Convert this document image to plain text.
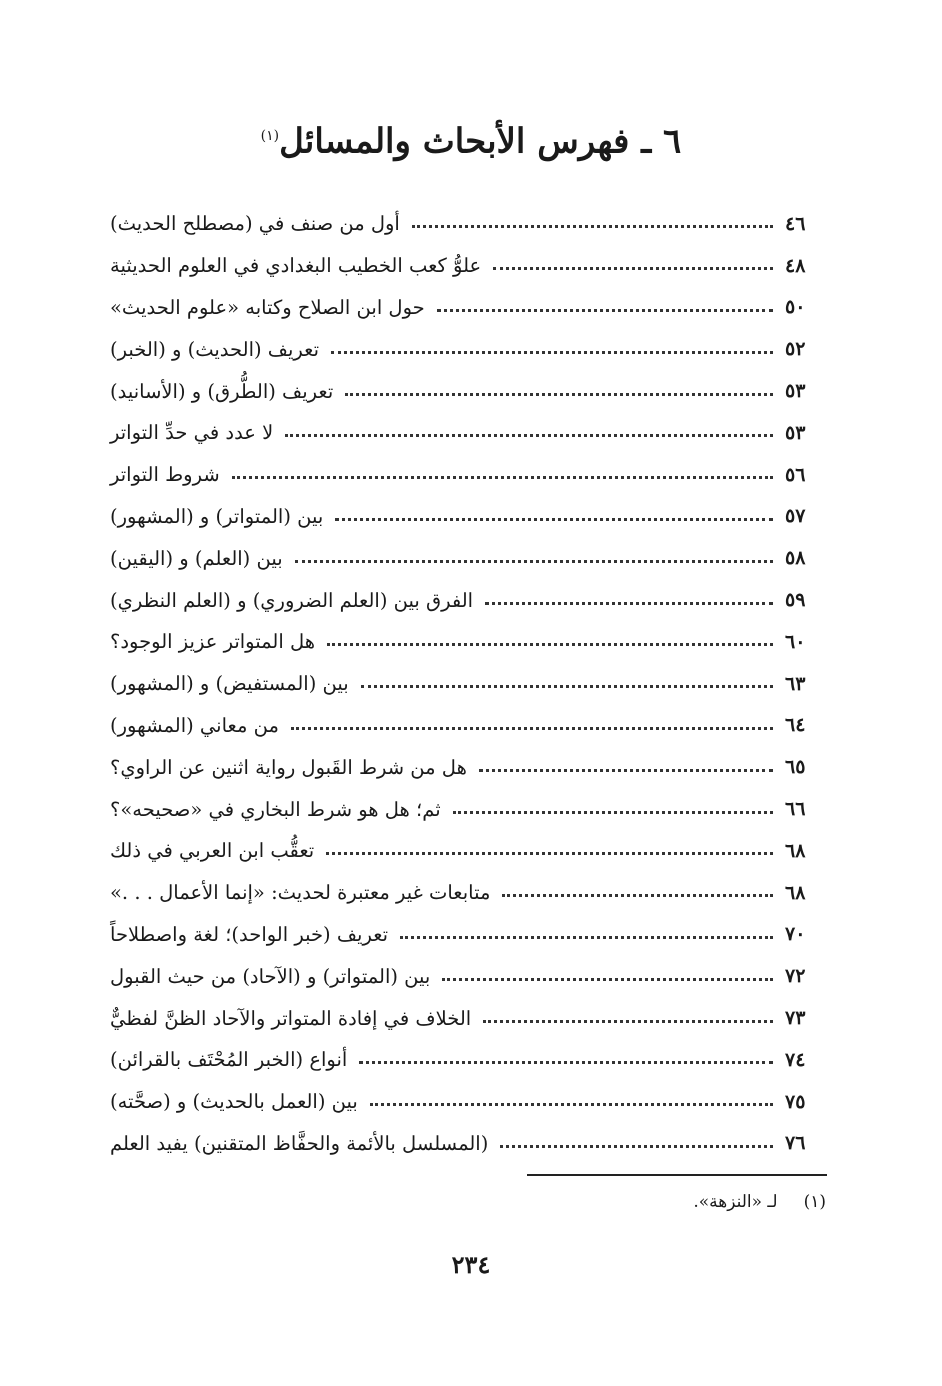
٦ ـ فهرس الأبحاث والمسائل$^{(١)}$
أول من صنف في (مصطلح الحديث)	٤٦
علوُّ كعب الخطيب البغدادي في العلوم الحديثية	٤٨
حول ابن الصلاح وكتابه «علوم الحديث»	٥٠
تعريف (الحديث) و (الخبر)	٥٢
تعريف (الطُّرق) و (الأسانيد)	٥٣
لا عدد في حدِّ التواتر	٥٣
شروط التواتر	٥٦
بين (المتواتر) و (المشهور)	٥٧
بين (العلم) و (اليقين)	٥٨
الفرق بين (العلم الضروري) و (العلم النظري)	٥٩
هل المتواتر عزيز الوجود؟	٦٠
بين (المستفيض) و (المشهور)	٦٣
من معاني (المشهور)	٦٤
هل من شرط القَبول رواية اثنين عن الراوي؟	٦٥
ثم؛ هل هو شرط البخاري في «صحيحه»؟	٦٦
تعقُّب ابن العربي في ذلك	٦٨
متابعات غير معتبرة لحديث: «إنما الأعمال . . .»	٦٨
تعريف (خبر الواحد)؛ لغة واصطلاحاً	٧٠
بين (المتواتر) و (الآحاد) من حيث القبول	٧٢
الخلاف في إفادة المتواتر والآحاد الظنَّ لفظيٌّ	٧٣
أنواع (الخبر المُحْتَف بالقرائن)	٧٤
بين (العمل بالحديث) و (صحَّته)	٧٥
(المسلسل بالأئمة والحفَّاظ المتقنين) يفيد العلم	٧٦
(١)
لـ «النزهة».
٢٣٤
